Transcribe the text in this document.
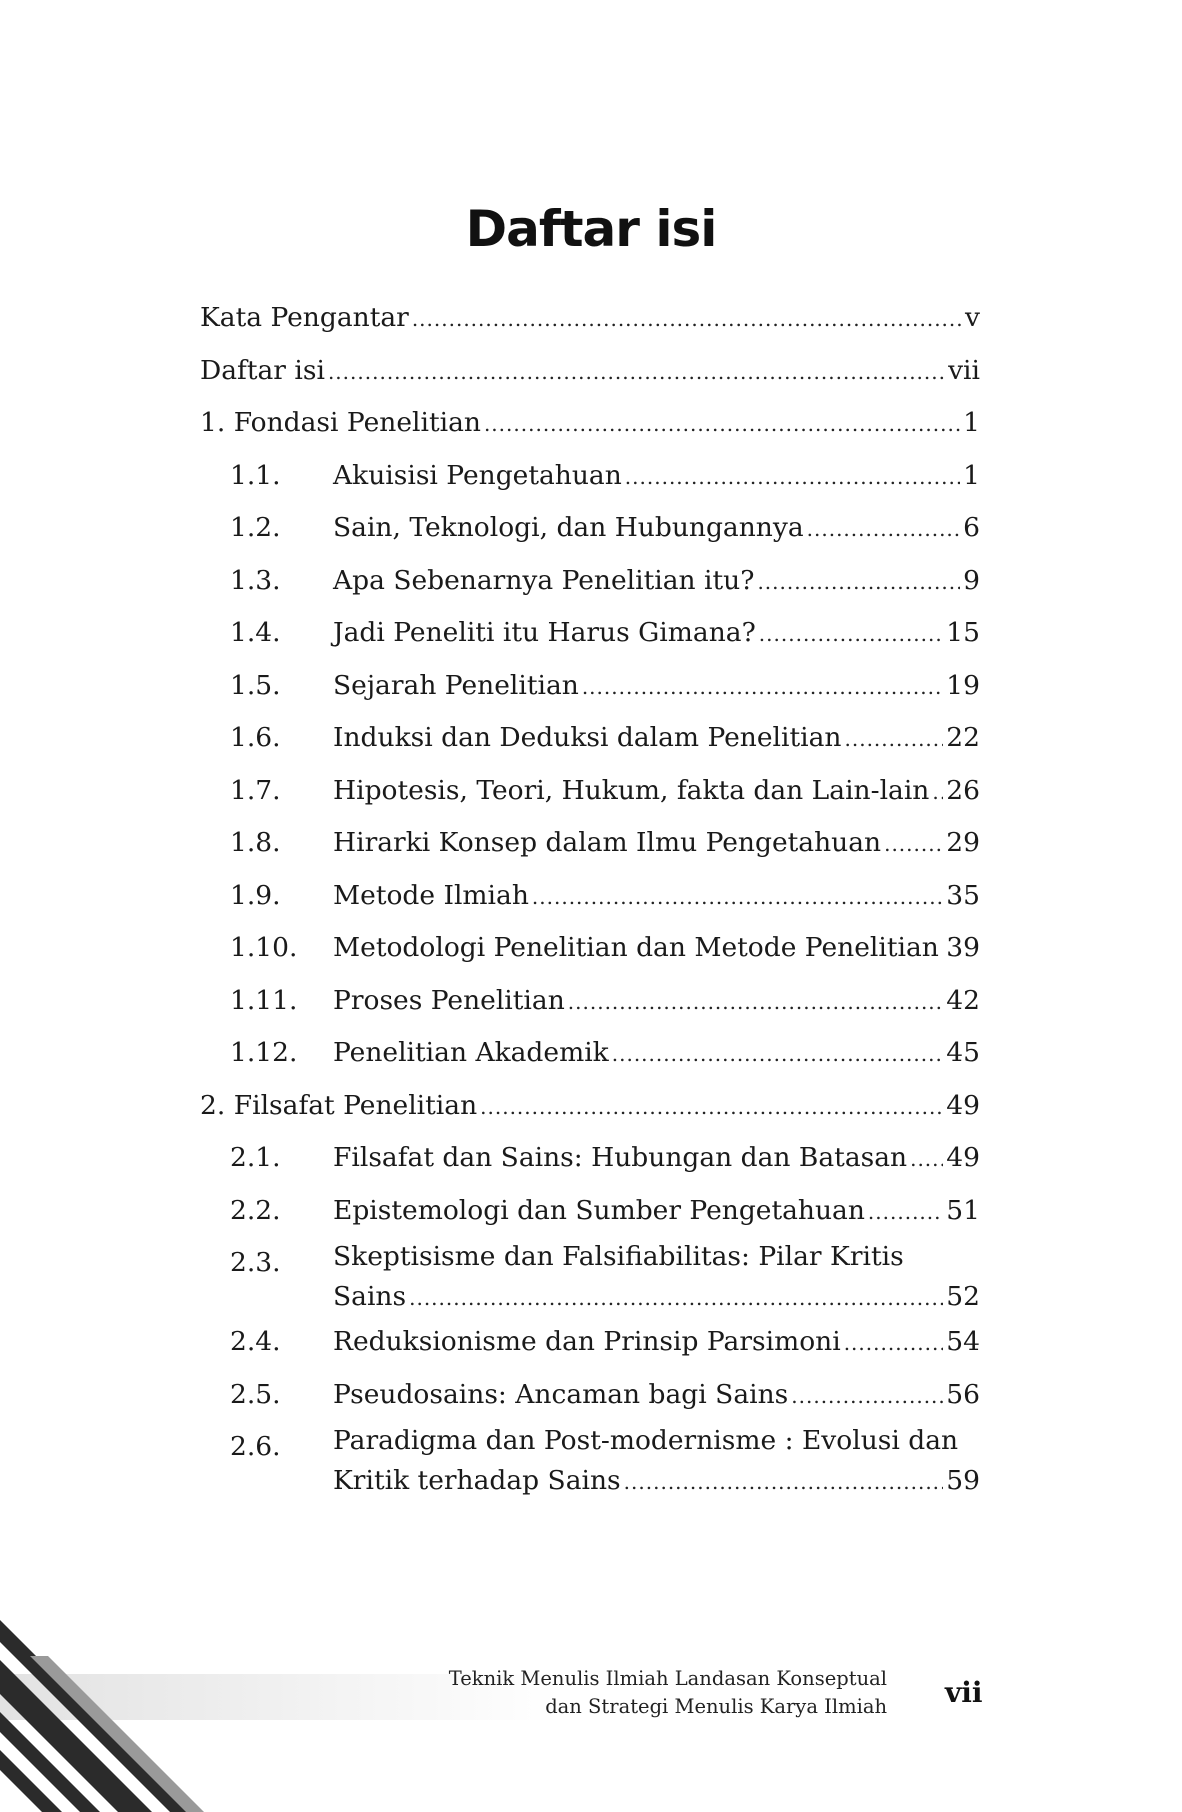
Daftar isi
Kata Pengantar .....	v
Daftar isi .....	vii
1. Fondasi Penelitian .....	1
1.1. Akuisisi Pengetahuan .....	1
1.2. Sain, Teknologi, dan Hubungannya .....	6
1.3. Apa Sebenarnya Penelitian itu? .....	9
1.4. Jadi Peneliti itu Harus Gimana? .....	15
1.5. Sejarah Penelitian .....	19
1.6. Induksi dan Deduksi dalam Penelitian .....	22
1.7. Hipotesis, Teori, Hukum, fakta dan Lain-lain ..... 26
1.8. Hirarki Konsep dalam Ilmu Pengetahuan ..... 29
1.9. Metode Ilmiah .....	35
1.10. Metodologi Penelitian dan Metode Penelitian ..... 39
1.11. Proses Penelitian .....	42
1.12. Penelitian Akademik .....	45
2. Filsafat Penelitian .....	49
2.1. Filsafat dan Sains: Hubungan dan Batasan ..... 49
2.2. Epistemologi dan Sumber Pengetahuan .....	51
2.3. Skeptisisme dan Falsifiabilitas: Pilar Kritis
Sains .....	52
2.4. Reduksionisme dan Prinsip Parsimoni .....	54
2.5. Pseudosains: Ancaman bagi Sains .....	56
2.6. Paradigma dan Post-modernisme : Evolusi dan
Kritik terhadap Sains .....	59
Teknik Menulis Ilmiah Landasan Konseptual
dan Strategi Menulis Karya Ilmiah vii
